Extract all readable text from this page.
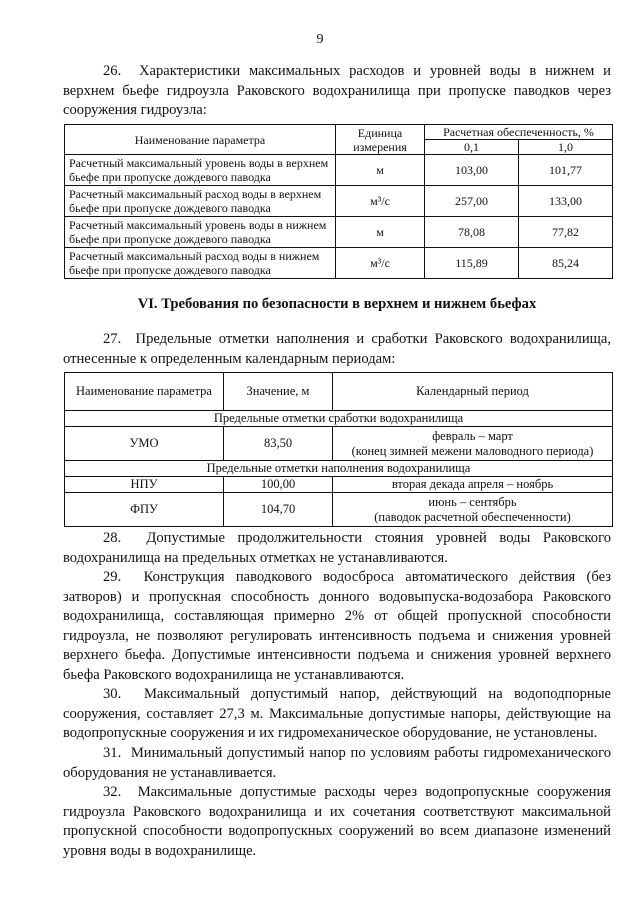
9

26. Характеристики максимальных расходов и уровней воды в нижнем и верхнем бьефе гидроузла Раковского водохранилища при пропуске паводков через сооружения гидроузла:

Наименование параметра	Единица измерения	Расчетная обеспеченность, %	
		0,1	1,0
Расчетный максимальный уровень воды в верхнем бьефе при пропуске дождевого паводка	м	103,00	101,77
Расчетный максимальный расход воды в верхнем бьефе при пропуске дождевого паводка	м³/с	257,00	133,00
Расчетный максимальный уровень воды в нижнем бьефе при пропуске дождевого паводка	м	78,08	77,82
Расчетный максимальный расход воды в нижнем бьефе при пропуске дождевого паводка	м³/с	115,89	85,24
VI. Требования по безопасности в верхнем и нижнем бьефах

27. Предельные отметки наполнения и сработки Раковского водохранилища, отнесенные к определенным календарным периодам:

Наименование параметра	Значение, м	Календарный период
Предельные отметки сработки водохранилища		
УМО	83,50	февраль – март
(конец зимней межени маловодного периода)

Предельные отметки наполнения водохранилища		
НПУ	100,00	вторая декада апреля – ноябрь
ФПУ	104,70	июнь – сентябрь
(паводок расчетной обеспеченности)

28. Допустимые продолжительности стояния уровней воды Раковского водохранилища на предельных отметках не устанавливаются.

29. Конструкция паводкового водосброса автоматического действия (без затворов) и пропускная способность донного водовыпуска-водозабора Раковского водохранилища, составляющая примерно 2% от общей пропускной способности гидроузла, не позволяют регулировать интенсивность подъема и снижения уровней верхнего бьефа. Допустимые интенсивности подъема и снижения уровней верхнего бьефа Раковского водохранилища не устанавливаются.

30. Максимальный допустимый напор, действующий на водоподпорные сооружения, составляет 27,3 м. Максимальные допустимые напоры, действующие на водопропускные сооружения и их гидромеханическое оборудование, не установлены.

31. Минимальный допустимый напор по условиям работы гидромеханического оборудования не устанавливается.

32. Максимальные допустимые расходы через водопропускные сооружения гидроузла Раковского водохранилища и их сочетания соответствуют максимальной пропускной способности водопропускных сооружений во всем диапазоне изменений уровня воды в водохранилище.
